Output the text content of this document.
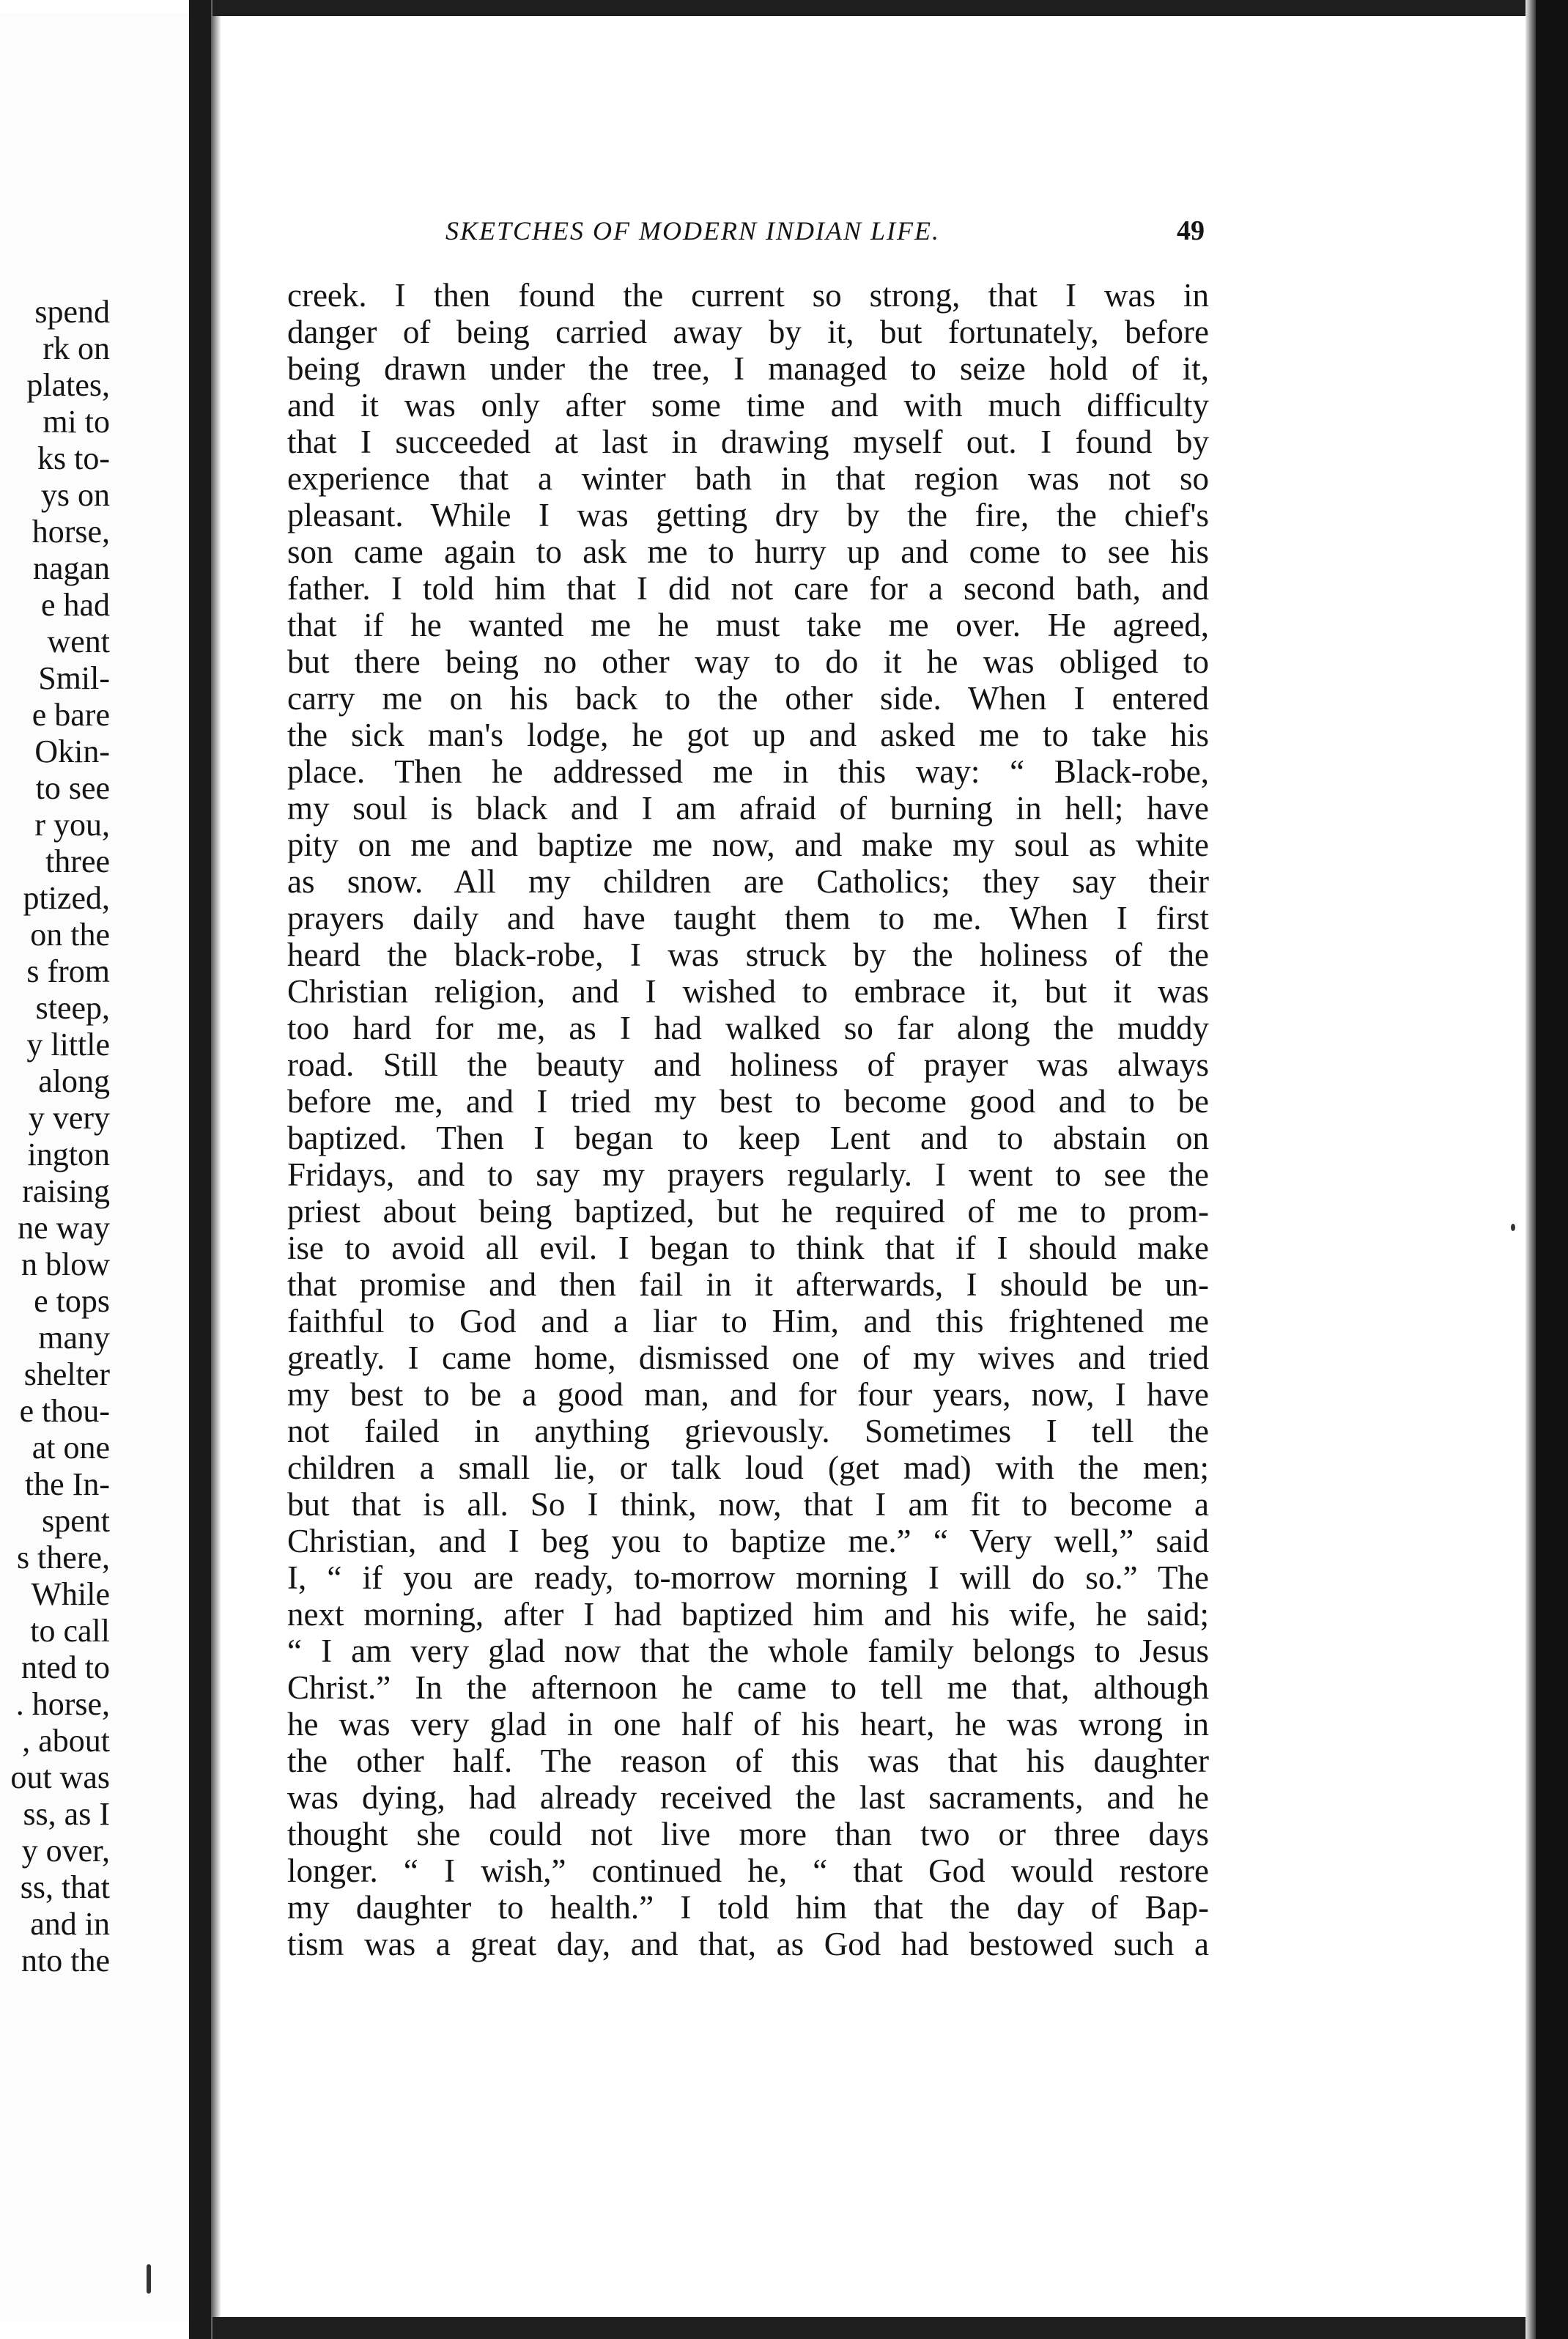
spend
rk on
plates,
mi to
ks to-
ys on
horse,
nagan
e had
went
Smil-
e bare
Okin-
to see
r you,
three
ptized,
on the
s from
steep,
y little
along
y very
ington
raising
ne way
n blow
e tops
many
shelter
e thou-
at one
the In-
spent
s there,
While
to call
nted to
. horse,
, about
out was
ss, as I
y over,
ss, that
and in
nto the
SKETCHES OF MODERN INDIAN LIFE.	49
creek. I then found the current so strong, that I was in
danger of being carried away by it, but fortunately, before
being drawn under the tree, I managed to seize hold of it,
and it was only after some time and with much difficulty
that I succeeded at last in drawing myself out. I found by
experience that a winter bath in that region was not so
pleasant. While I was getting dry by the fire, the chief's
son came again to ask me to hurry up and come to see his
father. I told him that I did not care for a second bath, and
that if he wanted me he must take me over. He agreed,
but there being no other way to do it he was obliged to
carry me on his back to the other side. When I entered
the sick man's lodge, he got up and asked me to take his
place. Then he addressed me in this way: “ Black-robe,
my soul is black and I am afraid of burning in hell; have
pity on me and baptize me now, and make my soul as white
as snow. All my children are Catholics; they say their
prayers daily and have taught them to me. When I first
heard the black-robe, I was struck by the holiness of the
Christian religion, and I wished to embrace it, but it was
too hard for me, as I had walked so far along the muddy
road. Still the beauty and holiness of prayer was always
before me, and I tried my best to become good and to be
baptized. Then I began to keep Lent and to abstain on
Fridays, and to say my prayers regularly. I went to see the
priest about being baptized, but he required of me to prom-
ise to avoid all evil. I began to think that if I should make
that promise and then fail in it afterwards, I should be un-
faithful to God and a liar to Him, and this frightened me
greatly. I came home, dismissed one of my wives and tried
my best to be a good man, and for four years, now, I have
not failed in anything grievously. Sometimes I tell the
children a small lie, or talk loud (get mad) with the men;
but that is all. So I think, now, that I am fit to become a
Christian, and I beg you to baptize me.” “ Very well,” said
I, “ if you are ready, to-morrow morning I will do so.” The
next morning, after I had baptized him and his wife, he said;
“ I am very glad now that the whole family belongs to Jesus
Christ.” In the afternoon he came to tell me that, although
he was very glad in one half of his heart, he was wrong in
the other half. The reason of this was that his daughter
was dying, had already received the last sacraments, and he
thought she could not live more than two or three days
longer. “ I wish,” continued he, “ that God would restore
my daughter to health.” I told him that the day of Bap-
tism was a great day, and that, as God had bestowed such a
